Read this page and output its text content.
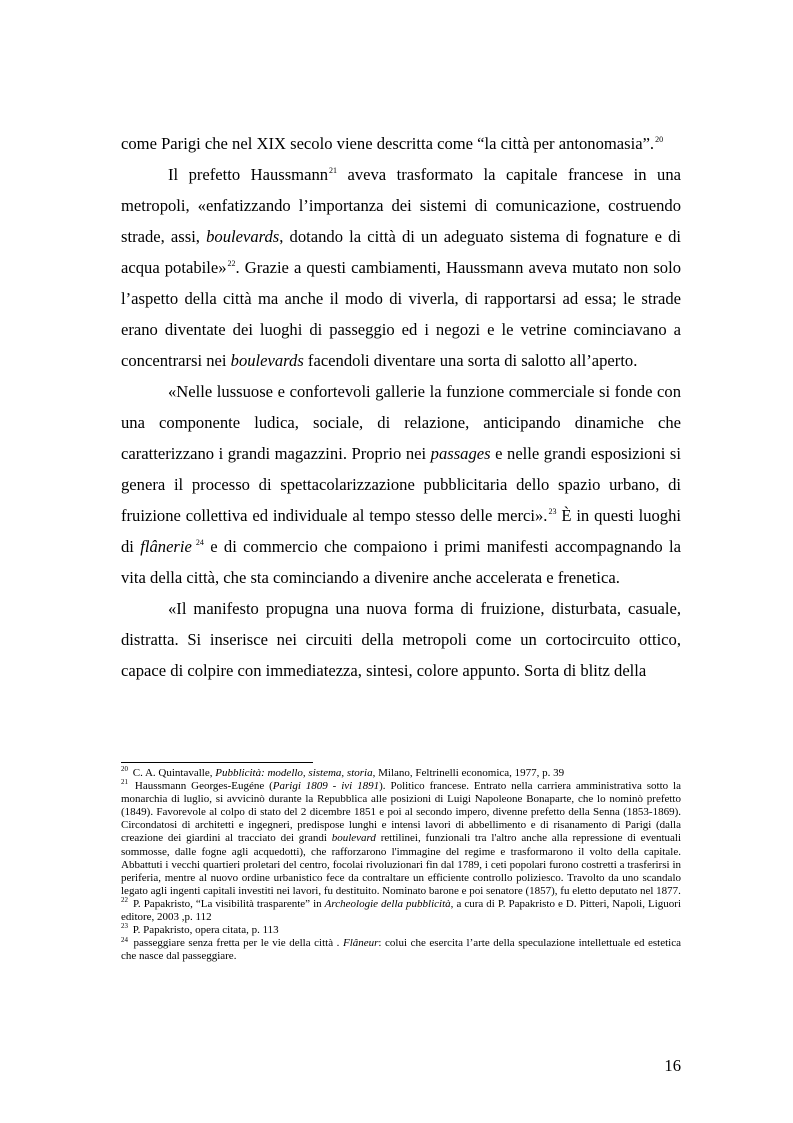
come Parigi che nel XIX secolo viene descritta come “la città per antonomasia”.$^{20}$

Il prefetto Haussmann$^{21}$ aveva trasformato la capitale francese in una metropoli, «enfatizzando l’importanza dei sistemi di comunicazione, costruendo strade, assi, boulevards, dotando la città di un adeguato sistema di fognature e di acqua potabile»$^{22}$. Grazie a questi cambiamenti, Haussmann aveva mutato non solo l’aspetto della città ma anche il modo di viverla, di rapportarsi ad essa; le strade erano diventate dei luoghi di passeggio ed i negozi e le vetrine cominciavano a concentrarsi nei boulevards facendoli diventare una sorta di salotto all’aperto.

«Nelle lussuose e confortevoli gallerie la funzione commerciale si fonde con una componente ludica, sociale, di relazione, anticipando dinamiche che caratterizzano i grandi magazzini. Proprio nei passages e nelle grandi esposizioni si genera il processo di spettacolarizzazione pubblicitaria dello spazio urbano, di fruizione collettiva ed individuale al tempo stesso delle merci».$^{23}$ È in questi luoghi di flânerie $^{24}$ e di commercio che compaiono i primi manifesti accompagnando la vita della città, che sta cominciando a divenire anche accelerata e frenetica.

«Il manifesto propugna una nuova forma di fruizione, disturbata, casuale, distratta. Si inserisce nei circuiti della metropoli come un cortocircuito ottico, capace di colpire con immediatezza, sintesi, colore appunto. Sorta di blitz della

$^{20}$ C. A. Quintavalle, Pubblicità: modello, sistema, storia, Milano, Feltrinelli economica, 1977, p. 39

$^{21}$ Haussmann Georges-Eugéne (Parigi 1809 - ivi 1891). Politico francese. Entrato nella carriera amministrativa sotto la monarchia di luglio, si avvicinò durante la Repubblica alle posizioni di Luigi Napoleone Bonaparte, che lo nominò prefetto (1849). Favorevole al colpo di stato del 2 dicembre 1851 e poi al secondo impero, divenne prefetto della Senna (1853-1869). Circondatosi di architetti e ingegneri, predispose lunghi e intensi lavori di abbellimento e di risanamento di Parigi (dalla creazione dei giardini al tracciato dei grandi boulevard rettilinei, funzionali tra l'altro anche alla repressione di eventuali sommosse, dalle fogne agli acquedotti), che rafforzarono l'immagine del regime e trasformarono il volto della capitale. Abbattuti i vecchi quartieri proletari del centro, focolai rivoluzionari fin dal 1789, i ceti popolari furono costretti a trasferirsi in periferia, mentre al nuovo ordine urbanistico fece da contraltare un efficiente controllo poliziesco. Travolto da uno scandalo legato agli ingenti capitali investiti nei lavori, fu destituito. Nominato barone e poi senatore (1857), fu eletto deputato nel 1877.

$^{22}$ P. Papakristo, “La visibilità trasparente” in Archeologie della pubblicità, a cura di P. Papakristo e D. Pitteri, Napoli, Liguori editore, 2003 ,p. 112

$^{23}$ P. Papakristo, opera citata, p. 113

$^{24}$ passeggiare senza fretta per le vie della città . Flâneur: colui che esercita l’arte della speculazione intellettuale ed estetica che nasce dal passeggiare.

16
